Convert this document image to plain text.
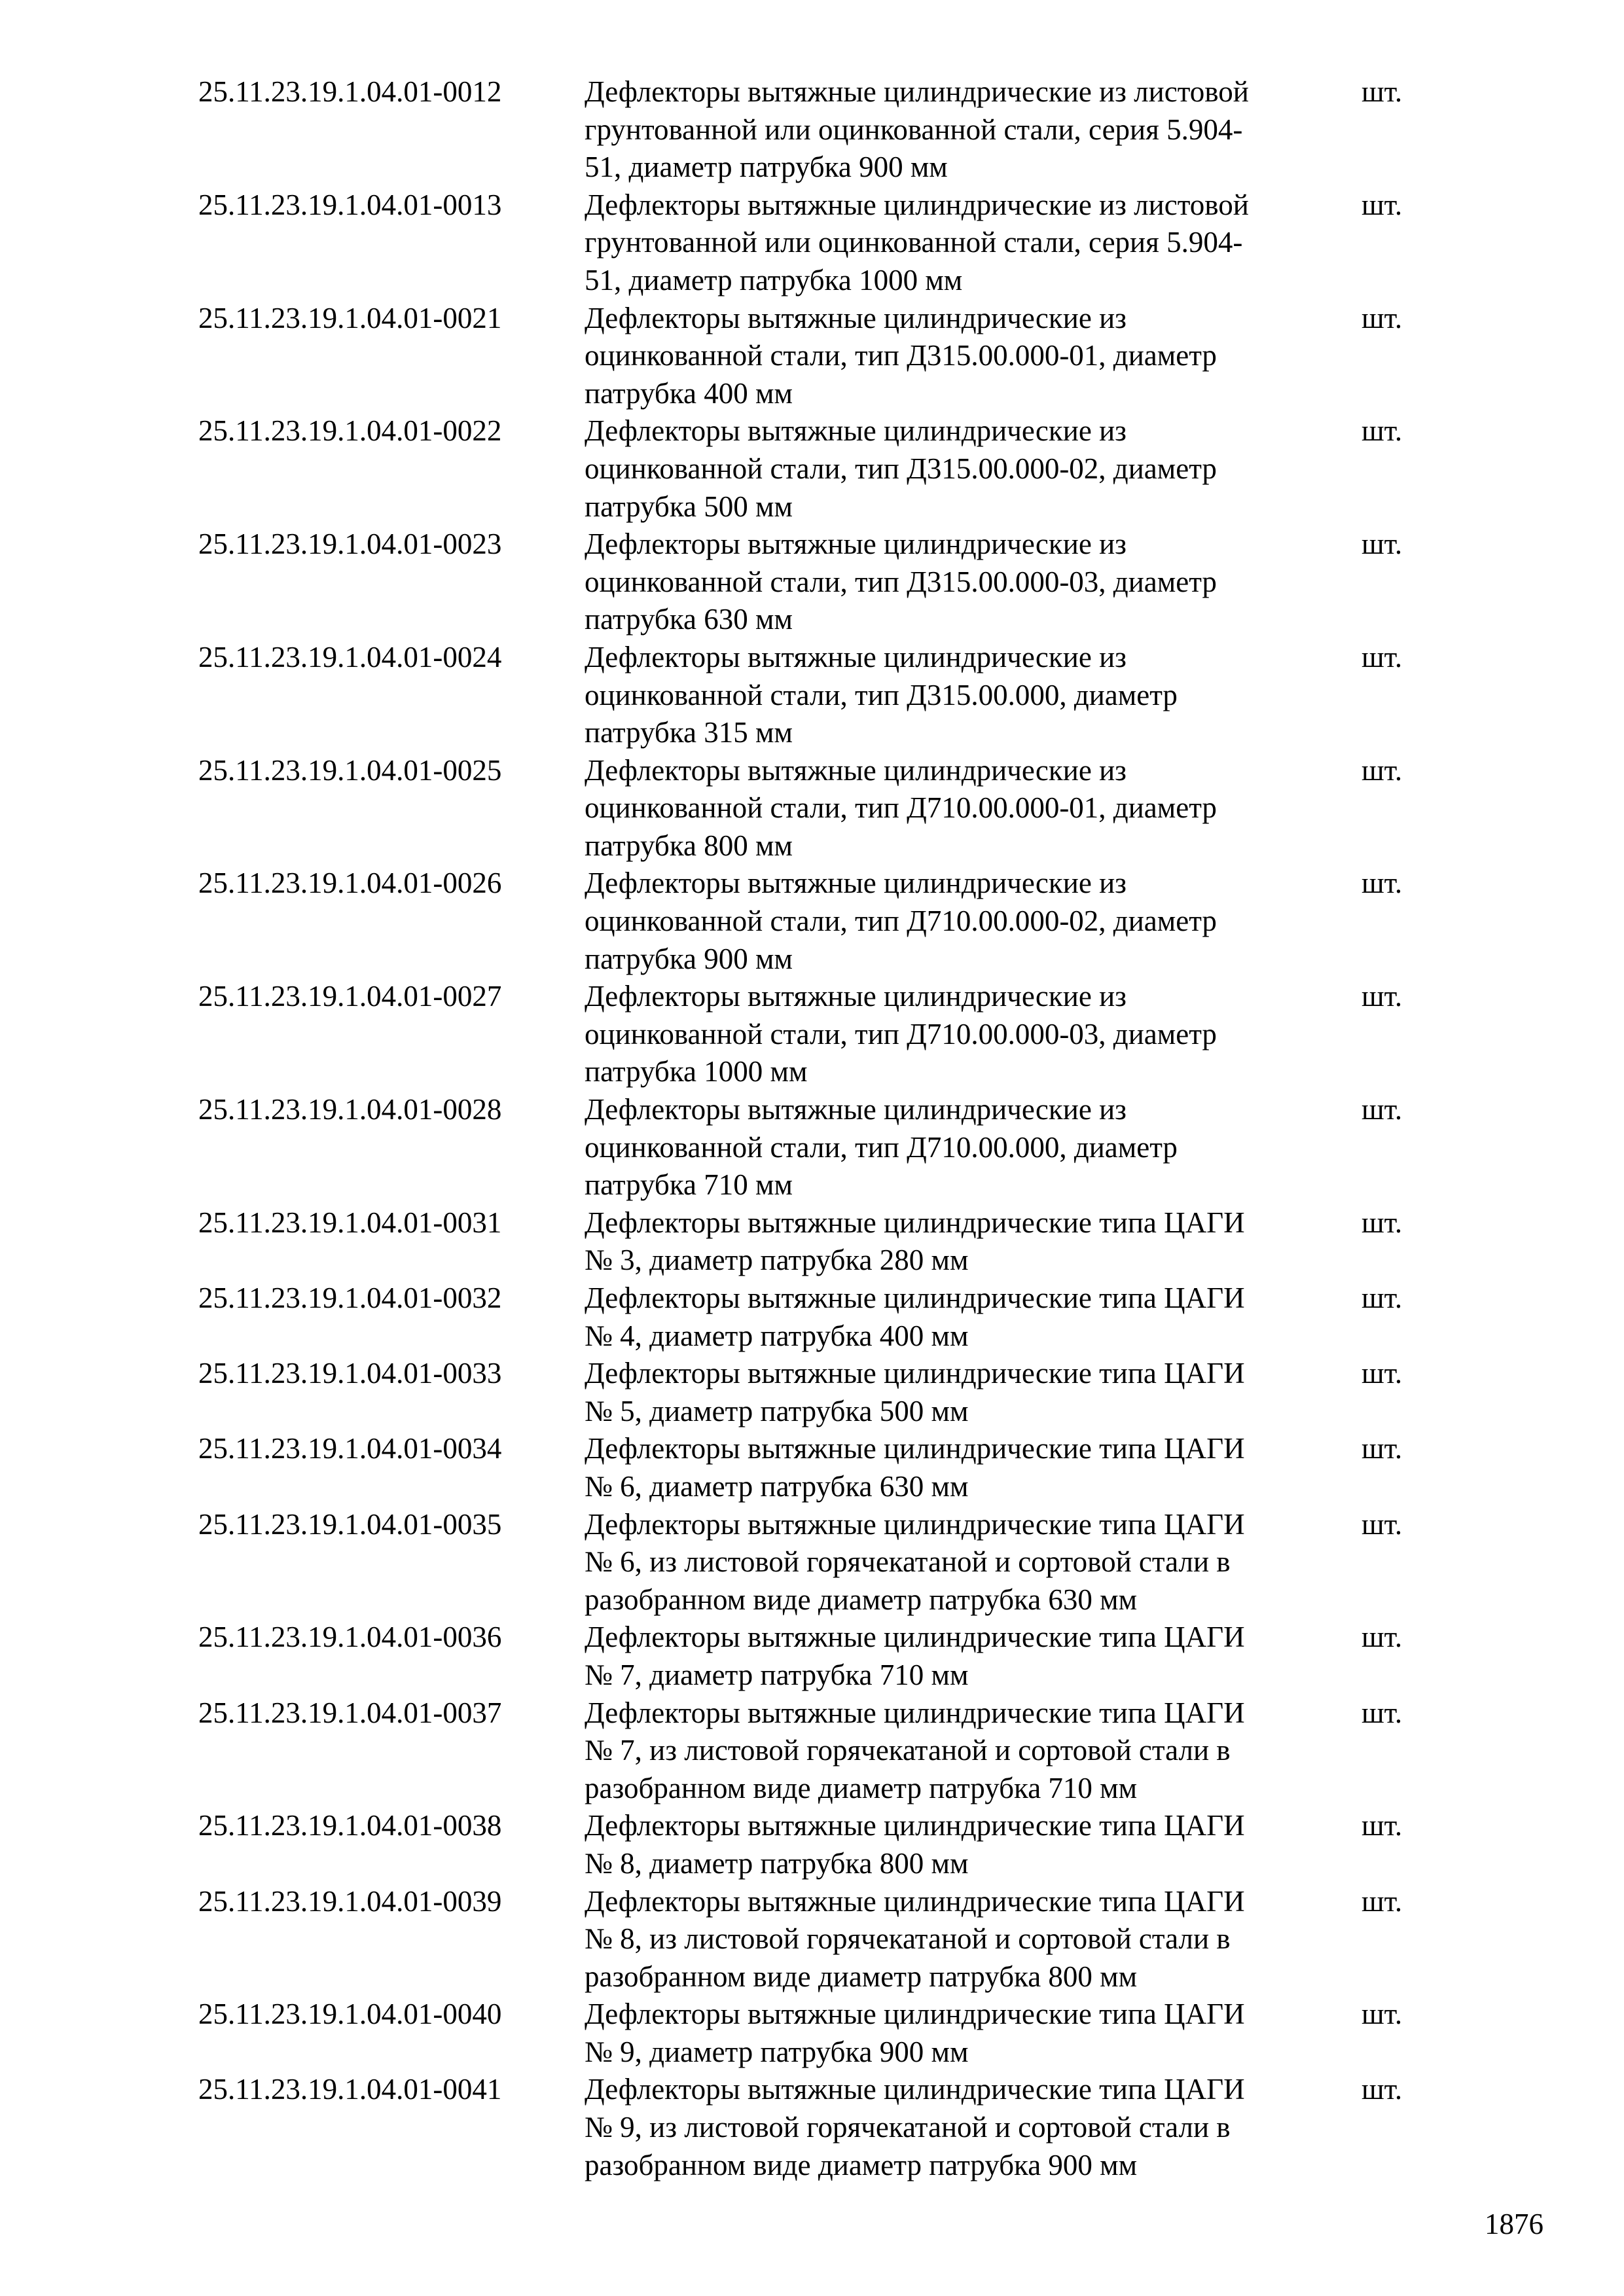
25.11.23.19.1.04.01-0012	Дефлекторы вытяжные цилиндрические из листовой
грунтованной или оцинкованной стали, серия 5.904-
51, диаметр патрубка 900 мм
шт.
25.11.23.19.1.04.01-0013	Дефлекторы вытяжные цилиндрические из листовой
грунтованной или оцинкованной стали, серия 5.904-
51, диаметр патрубка 1000 мм
шт.
25.11.23.19.1.04.01-0021	Дефлекторы вытяжные цилиндрические из
оцинкованной стали, тип Д315.00.000-01, диаметр
патрубка 400 мм
шт.
25.11.23.19.1.04.01-0022	Дефлекторы вытяжные цилиндрические из
оцинкованной стали, тип Д315.00.000-02, диаметр
патрубка 500 мм
шт.
25.11.23.19.1.04.01-0023	Дефлекторы вытяжные цилиндрические из
оцинкованной стали, тип Д315.00.000-03, диаметр
патрубка 630 мм
шт.
25.11.23.19.1.04.01-0024	Дефлекторы вытяжные цилиндрические из
оцинкованной стали, тип Д315.00.000, диаметр
патрубка 315 мм
шт.
25.11.23.19.1.04.01-0025	Дефлекторы вытяжные цилиндрические из
оцинкованной стали, тип Д710.00.000-01, диаметр
патрубка 800 мм
шт.
25.11.23.19.1.04.01-0026	Дефлекторы вытяжные цилиндрические из
оцинкованной стали, тип Д710.00.000-02, диаметр
патрубка 900 мм
шт.
25.11.23.19.1.04.01-0027	Дефлекторы вытяжные цилиндрические из
оцинкованной стали, тип Д710.00.000-03, диаметр
патрубка 1000 мм
шт.
25.11.23.19.1.04.01-0028	Дефлекторы вытяжные цилиндрические из
оцинкованной стали, тип Д710.00.000, диаметр
патрубка 710 мм
шт.
25.11.23.19.1.04.01-0031	Дефлекторы вытяжные цилиндрические типа ЦАГИ
№ 3, диаметр патрубка 280 мм
шт.
25.11.23.19.1.04.01-0032	Дефлекторы вытяжные цилиндрические типа ЦАГИ
№ 4, диаметр патрубка 400 мм
шт.
25.11.23.19.1.04.01-0033	Дефлекторы вытяжные цилиндрические типа ЦАГИ
№ 5, диаметр патрубка 500 мм
шт.
25.11.23.19.1.04.01-0034	Дефлекторы вытяжные цилиндрические типа ЦАГИ
№ 6, диаметр патрубка 630 мм
шт.
25.11.23.19.1.04.01-0035	Дефлекторы вытяжные цилиндрические типа ЦАГИ
№ 6, из листовой горячекатаной и сортовой стали в
разобранном виде диаметр патрубка 630 мм
шт.
25.11.23.19.1.04.01-0036	Дефлекторы вытяжные цилиндрические типа ЦАГИ
№ 7, диаметр патрубка 710 мм
шт.
25.11.23.19.1.04.01-0037	Дефлекторы вытяжные цилиндрические типа ЦАГИ
№ 7, из листовой горячекатаной и сортовой стали в
разобранном виде диаметр патрубка 710 мм
шт.
25.11.23.19.1.04.01-0038	Дефлекторы вытяжные цилиндрические типа ЦАГИ
№ 8, диаметр патрубка 800 мм
шт.
25.11.23.19.1.04.01-0039	Дефлекторы вытяжные цилиндрические типа ЦАГИ
№ 8, из листовой горячекатаной и сортовой стали в
разобранном виде диаметр патрубка 800 мм
шт.
25.11.23.19.1.04.01-0040	Дефлекторы вытяжные цилиндрические типа ЦАГИ
№ 9, диаметр патрубка 900 мм
шт.
25.11.23.19.1.04.01-0041	Дефлекторы вытяжные цилиндрические типа ЦАГИ
№ 9, из листовой горячекатаной и сортовой стали в
разобранном виде диаметр патрубка 900 мм
шт.
1876
